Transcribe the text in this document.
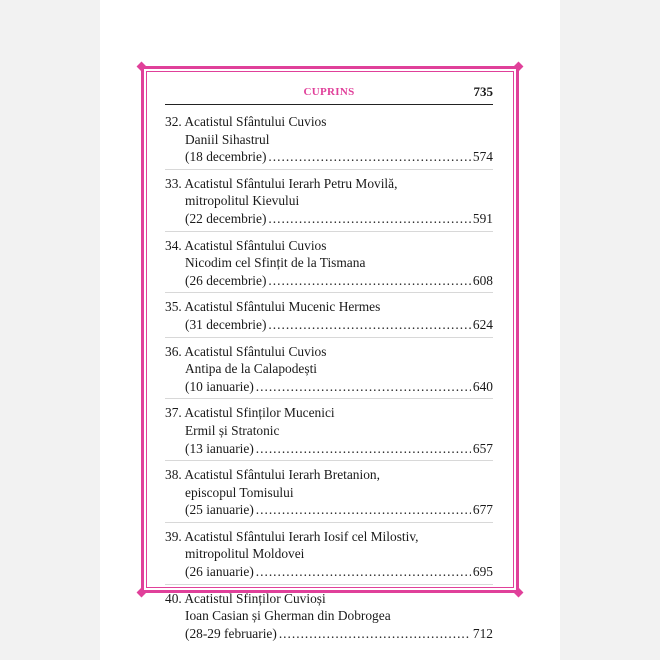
CUPRINS	735
32. Acatistul Sfântului Cuvios
Daniil Sihastrul
(18 decembrie) .....	574
33. Acatistul Sfântului Ierarh Petru Movilă,
mitropolitul Kievului
(22 decembrie) .....	591
34. Acatistul Sfântului Cuvios
Nicodim cel Sfințit de la Tismana
(26 decembrie) .....	608
35. Acatistul Sfântului Mucenic Hermes
(31 decembrie) .....	624
36. Acatistul Sfântului Cuvios
Antipa de la Calapodești
(10 ianuarie) .....	640
37. Acatistul Sfinților Mucenici
Ermil și Stratonic
(13 ianuarie) .....	657
38. Acatistul Sfântului Ierarh Bretanion,
episcopul Tomisului
(25 ianuarie) .....	677
39. Acatistul Sfântului Ierarh Iosif cel Milostiv,
mitropolitul Moldovei
(26 ianuarie) .....	695
40. Acatistul Sfinților Cuvioși
Ioan Casian și Gherman din Dobrogea
(28-29 februarie) .....	712
